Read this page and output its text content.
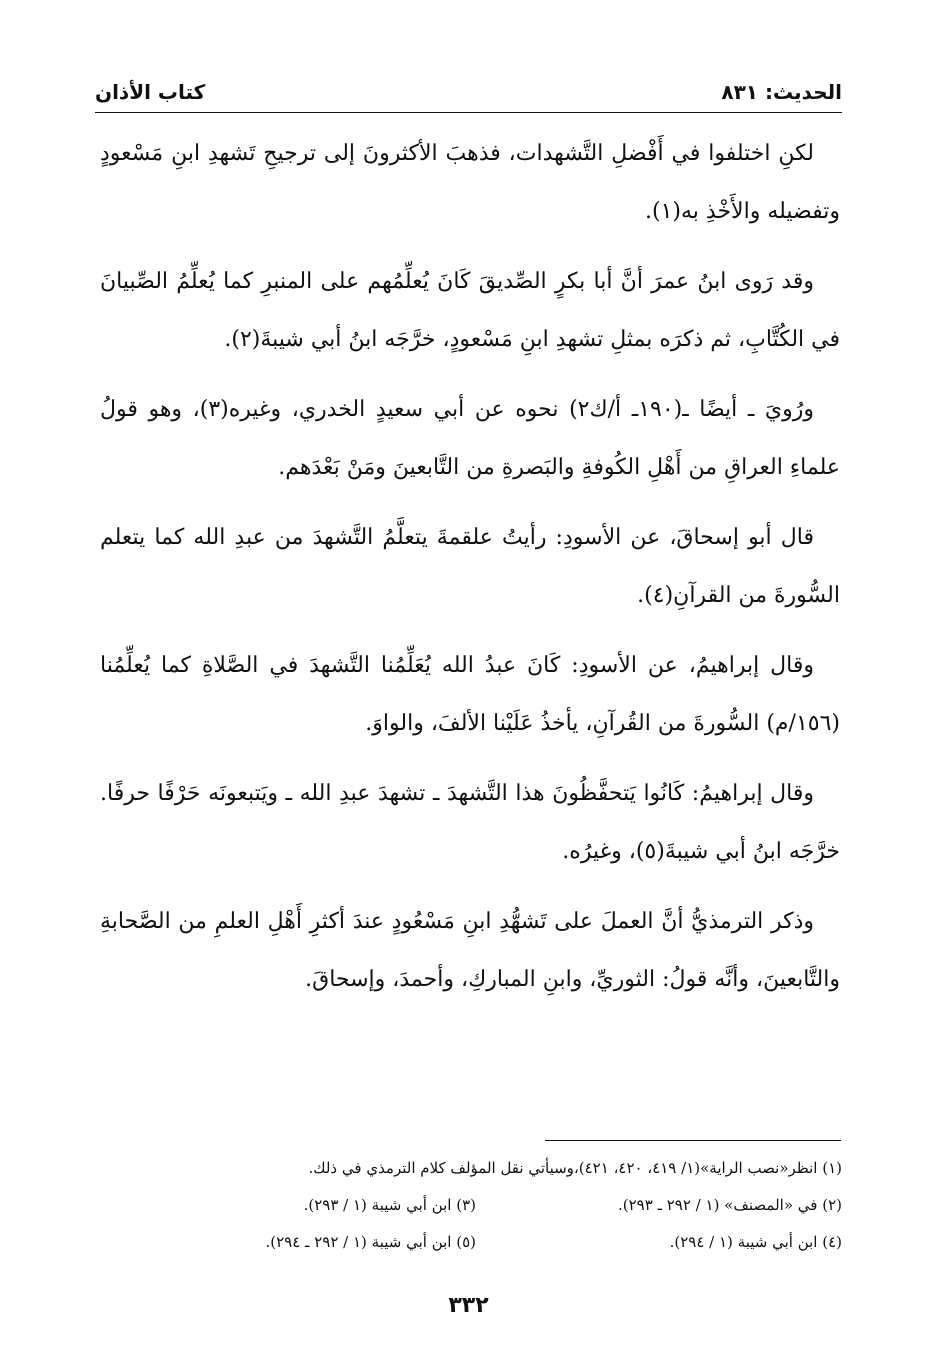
الحديث: ٨٣١
كتاب الأذان

لكنِ اختلفوا في أَفْضلِ التَّشهدات، فذهبَ الأكثرونَ إلى ترجيحِ تَشهدِ ابنِ مَسْعودٍ وتفضيله والأَخْذِ به(١).

وقد رَوى ابنُ عمرَ أنَّ أبا بكرٍ الصِّديقَ كَانَ يُعلِّمُهم على المنبرِ كما يُعلِّمُ الصِّبيانَ في الكُتَّابِ، ثم ذكرَه بمثلِ تشهدِ ابنِ مَسْعودٍ، خرَّجَه ابنُ أبي شيبةَ(٢).

ورُويَ ـ أيضًا ـ(١٩٠ـ أ/ك٢) نحوه عن أبي سعيدٍ الخدري، وغيره(٣)، وهو قولُ علماءِ العراقِ من أَهْلِ الكُوفةِ والبَصرةِ من التَّابعينَ ومَنْ بَعْدَهم.

قال أبو إسحاقَ، عن الأسودِ: رأيتُ علقمةَ يتعلَّمُ التَّشهدَ من عبدِ الله كما يتعلم السُّورةَ من القرآنِ(٤).

وقال إبراهيمُ، عن الأسودِ: كَانَ عبدُ الله يُعَلِّمُنا التَّشهدَ في الصَّلاةِ كما يُعلِّمُنا (١٥٦/م) السُّورةَ من القُرآنِ، يأخذُ عَلَيْنا الألفَ، والواوَ.

وقال إبراهيمُ: كَانُوا يَتحفَّظُونَ هذا التَّشهدَ ـ تشهدَ عبدِ الله ـ ويَتبعونَه حَرْفًا حرفًا. خرَّجَه ابنُ أبي شيبةَ(٥)، وغيرُه.

وذكر الترمذيُّ أنَّ العملَ على تَشهُّدِ ابنِ مَسْعُودٍ عندَ أكثرِ أَهْلِ العلمِ من الصَّحابةِ والتَّابعينَ، وأنَّه قولُ: الثوريِّ، وابنِ المباركِ، وأحمدَ، وإسحاقَ.

(١) انظر«نصب الراية»(١/ ٤١٩، ٤٢٠، ٤٢١)،وسيأتي نقل المؤلف كلام الترمذي في ذلك.
(٢) في «المصنف» (١ / ٢٩٢ ـ ٢٩٣).
(٣) ابن أبي شيبة (١ / ٢٩٣).
(٤) ابن أبي شيبة (١ / ٢٩٤).
(٥) ابن أبي شيبة (١ / ٢٩٢ ـ ٢٩٤).
٣٣٢
